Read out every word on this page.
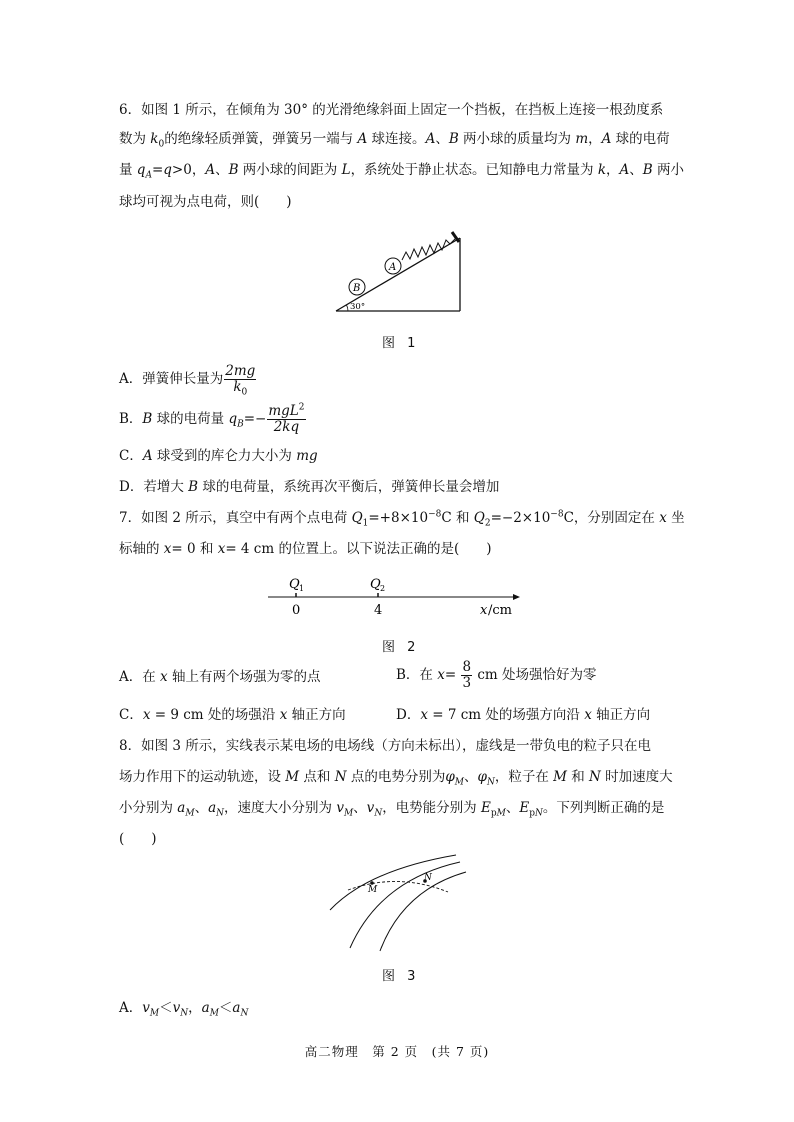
6．如图 1 所示，在倾角为 30° 的光滑绝缘斜面上固定一个挡板，在挡板上连接一根劲度系
数为 $k_0$的绝缘轻质弹簧，弹簧另一端与 A 球连接。A、B 两小球的质量均为 m，A 球的电荷
量 $q_A=q>0$，A、B 两小球的间距为 L，系统处于静止状态。已知静电力常量为 k，A、B 两小
球均可视为点电荷，则(　　)
A
B
30°
图 1
A．弹簧伸长量为 $\frac{2mg}{k_0}$
B．B 球的电荷量 $q_B=- \frac{mgL^2}{2kq}$
C．A 球受到的库仑力大小为 mg
D．若增大 B 球的电荷量，系统再次平衡后，弹簧伸长量会增加
7．如图 2 所示，真空中有两个点电荷 $Q_1=+8\times 10^{-8}C$ 和 $Q_2=-2\times 10^{-8}C$，分别固定在 x 坐
标轴的 x= 0 和 x= 4 cm 的位置上。以下说法正确的是(　　)
Q 1	Q 2
0	4	x /cm
图 2
A．在 x 轴上有两个场强为零的点	B．在 $x= \frac{8}{3}$ cm 处场强恰好为零
C．x = 9 cm 处的场强沿 x 轴正方向	D．x = 7 cm 处的场强方向沿 x 轴正方向
8．如图 3 所示，实线表示某电场的电场线（方向未标出），虚线是一带负电的粒子只在电
场力作用下的运动轨迹，设 M 点和 N 点的电势分别为$\varphi_M$、$\varphi_N$，粒子在 M 和 N 时加速度大
小分别为 $a_M$、$a_N$，速度大小分别为 $v_M$、$v_N$，电势能分别为 $E_{pM}$、$E_{pN}$。下列判断正确的是
(　　)
M
N
图 3
A．$v_M<v_N$，$a_M<a_N$
高二物理　第 2 页　(共 7 页)
